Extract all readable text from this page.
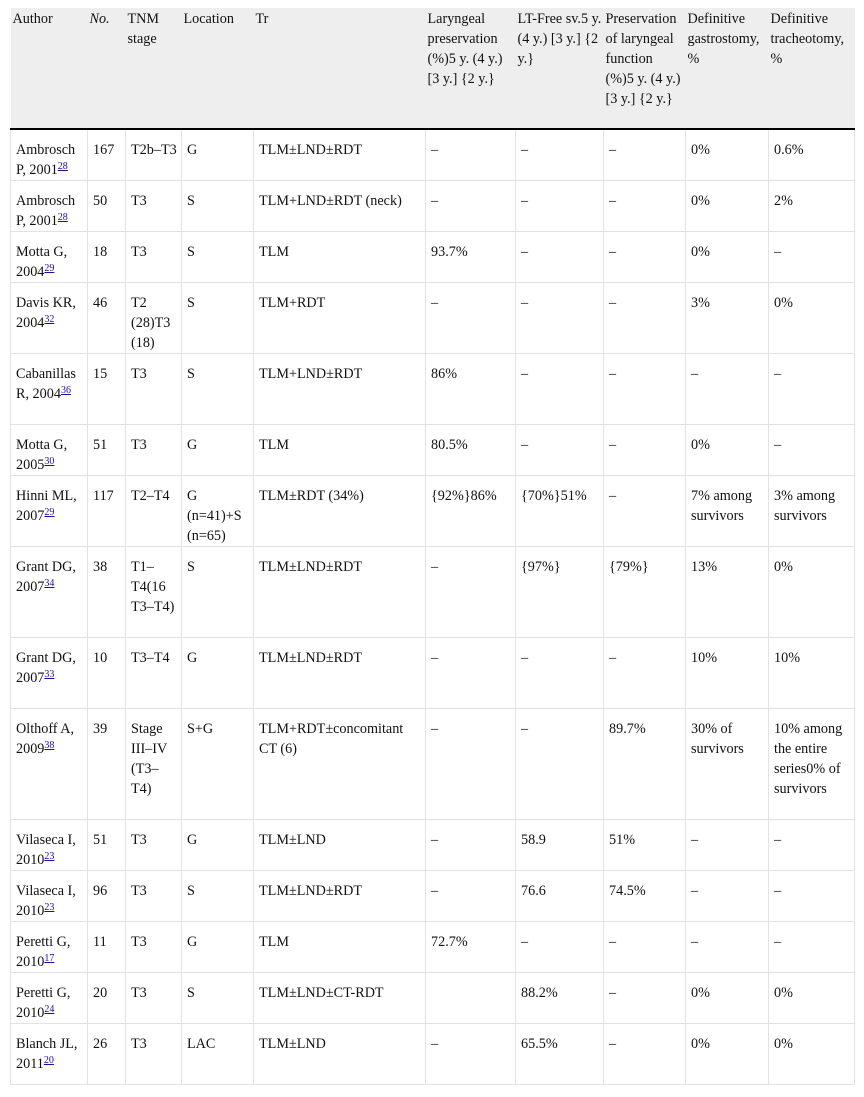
Author	No.	TNM stage	Location	Tr	Laryngeal preservation (%)5 y. (4 y.) [3 y.] {2 y.}	LT-Free sv.5 y. (4 y.) [3 y.] {2 y.}	Preservation of laryngeal function (%)5 y. (4 y.) [3 y.] {2 y.}	Definitive gastrostomy, %	Definitive tracheotomy, %
Ambrosch P, 2001$^{28}$	167	T2b–T3	G	TLM±LND±RDT	–	–	–	0%	0.6%
Ambrosch P, 2001$^{28}$	50	T3	S	TLM+LND±RDT (neck)	–	–	–	0%	2%
Motta G, 2004$^{29}$	18	T3	S	TLM	93.7%	–	–	0%	–
Davis KR, 2004$^{32}$	46	T2 (28)T3 (18)	S	TLM+RDT	–	–	–	3%	0%
Cabanillas R, 2004$^{36}$	15	T3	S	TLM+LND±RDT	86%	–	–	–	–
Motta G, 2005$^{30}$	51	T3	G	TLM	80.5%	–	–	0%	–
Hinni ML, 2007$^{29}$	117	T2–T4	G (n=41)+S (n=65)	TLM±RDT (34%)	{92%}86%	{70%}51%	–	7% among survivors	3% among survivors
Grant DG, 2007$^{34}$	38	T1–T4(16 T3–T4)	S	TLM±LND±RDT	–	{97%}	{79%}	13%	0%
Grant DG, 2007$^{33}$	10	T3–T4	G	TLM±LND±RDT	–	–	–	10%	10%
Olthoff A, 2009$^{38}$	39	Stage III–IV (T3–T4)	S+G	TLM+RDT±concomitant CT (6)	–	–	89.7%	30% of survivors	10% among the entire series0% of survivors
Vilaseca I, 2010$^{23}$	51	T3	G	TLM±LND	–	58.9	51%	–	–
Vilaseca I, 2010$^{23}$	96	T3	S	TLM±LND±RDT	–	76.6	74.5%	–	–
Peretti G, 2010$^{17}$	11	T3	G	TLM	72.7%	–	–	–	–
Peretti G, 2010$^{24}$	20	T3	S	TLM±LND±CT-RDT		88.2%	–	0%	0%
Blanch JL, 2011$^{20}$	26	T3	LAC	TLM±LND	–	65.5%	–	0%	0%
